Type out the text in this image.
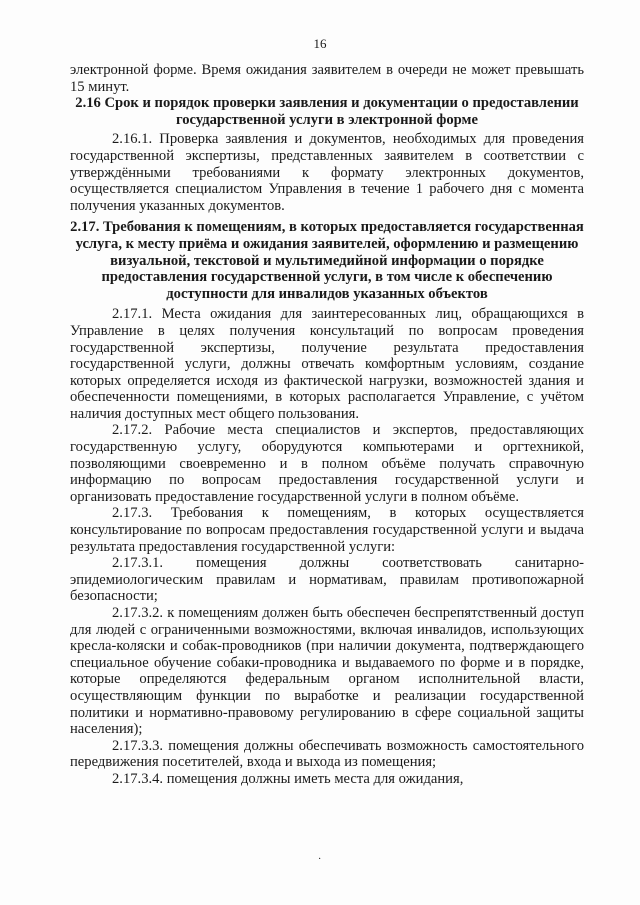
16

электронной форме. Время ожидания заявителем в очереди не может превышать 15 минут.

2.16 Срок и порядок проверки заявления и документации о предоставлении государственной услуги в электронной форме

2.16.1. Проверка заявления и документов, необходимых для проведения государственной экспертизы, представленных заявителем в соответствии с утверждёнными требованиями к формату электронных документов, осуществляется специалистом Управления в течение 1 рабочего дня с момента получения указанных документов.

2.17. Требования к помещениям, в которых предоставляется государственная услуга, к месту приёма и ожидания заявителей, оформлению и размещению визуальной, текстовой и мультимедийной информации о порядке предоставления государственной услуги, в том числе к обеспечению доступности для инвалидов указанных объектов

2.17.1. Места ожидания для заинтересованных лиц, обращающихся в Управление в целях получения консультаций по вопросам проведения государственной экспертизы, получение результата предоставления государственной услуги, должны отвечать комфортным условиям, создание которых определяется исходя из фактической нагрузки, возможностей здания и обеспеченности помещениями, в которых располагается Управление, с учётом наличия доступных мест общего пользования.

2.17.2. Рабочие места специалистов и экспертов, предоставляющих государственную услугу, оборудуются компьютерами и оргтехникой, позволяющими своевременно и в полном объёме получать справочную информацию по вопросам предоставления государственной услуги и организовать предоставление государственной услуги в полном объёме.

2.17.3. Требования к помещениям, в которых осуществляется консультирование по вопросам предоставления государственной услуги и выдача результата предоставления государственной услуги:

2.17.3.1. помещения должны соответствовать санитарно-эпидемиологическим правилам и нормативам, правилам противопожарной безопасности;

2.17.3.2. к помещениям должен быть обеспечен беспрепятственный доступ для людей с ограниченными возможностями, включая инвалидов, использующих кресла-коляски и собак-проводников (при наличии документа, подтверждающего специальное обучение собаки-проводника и выдаваемого по форме и в порядке, которые определяются федеральным органом исполнительной власти, осуществляющим функции по выработке и реализации государственной политики и нормативно-правовому регулированию в сфере социальной защиты населения);

2.17.3.3. помещения должны обеспечивать возможность самостоятельного передвижения посетителей, входа и выхода из помещения;

2.17.3.4. помещения должны иметь места для ожидания,

·
